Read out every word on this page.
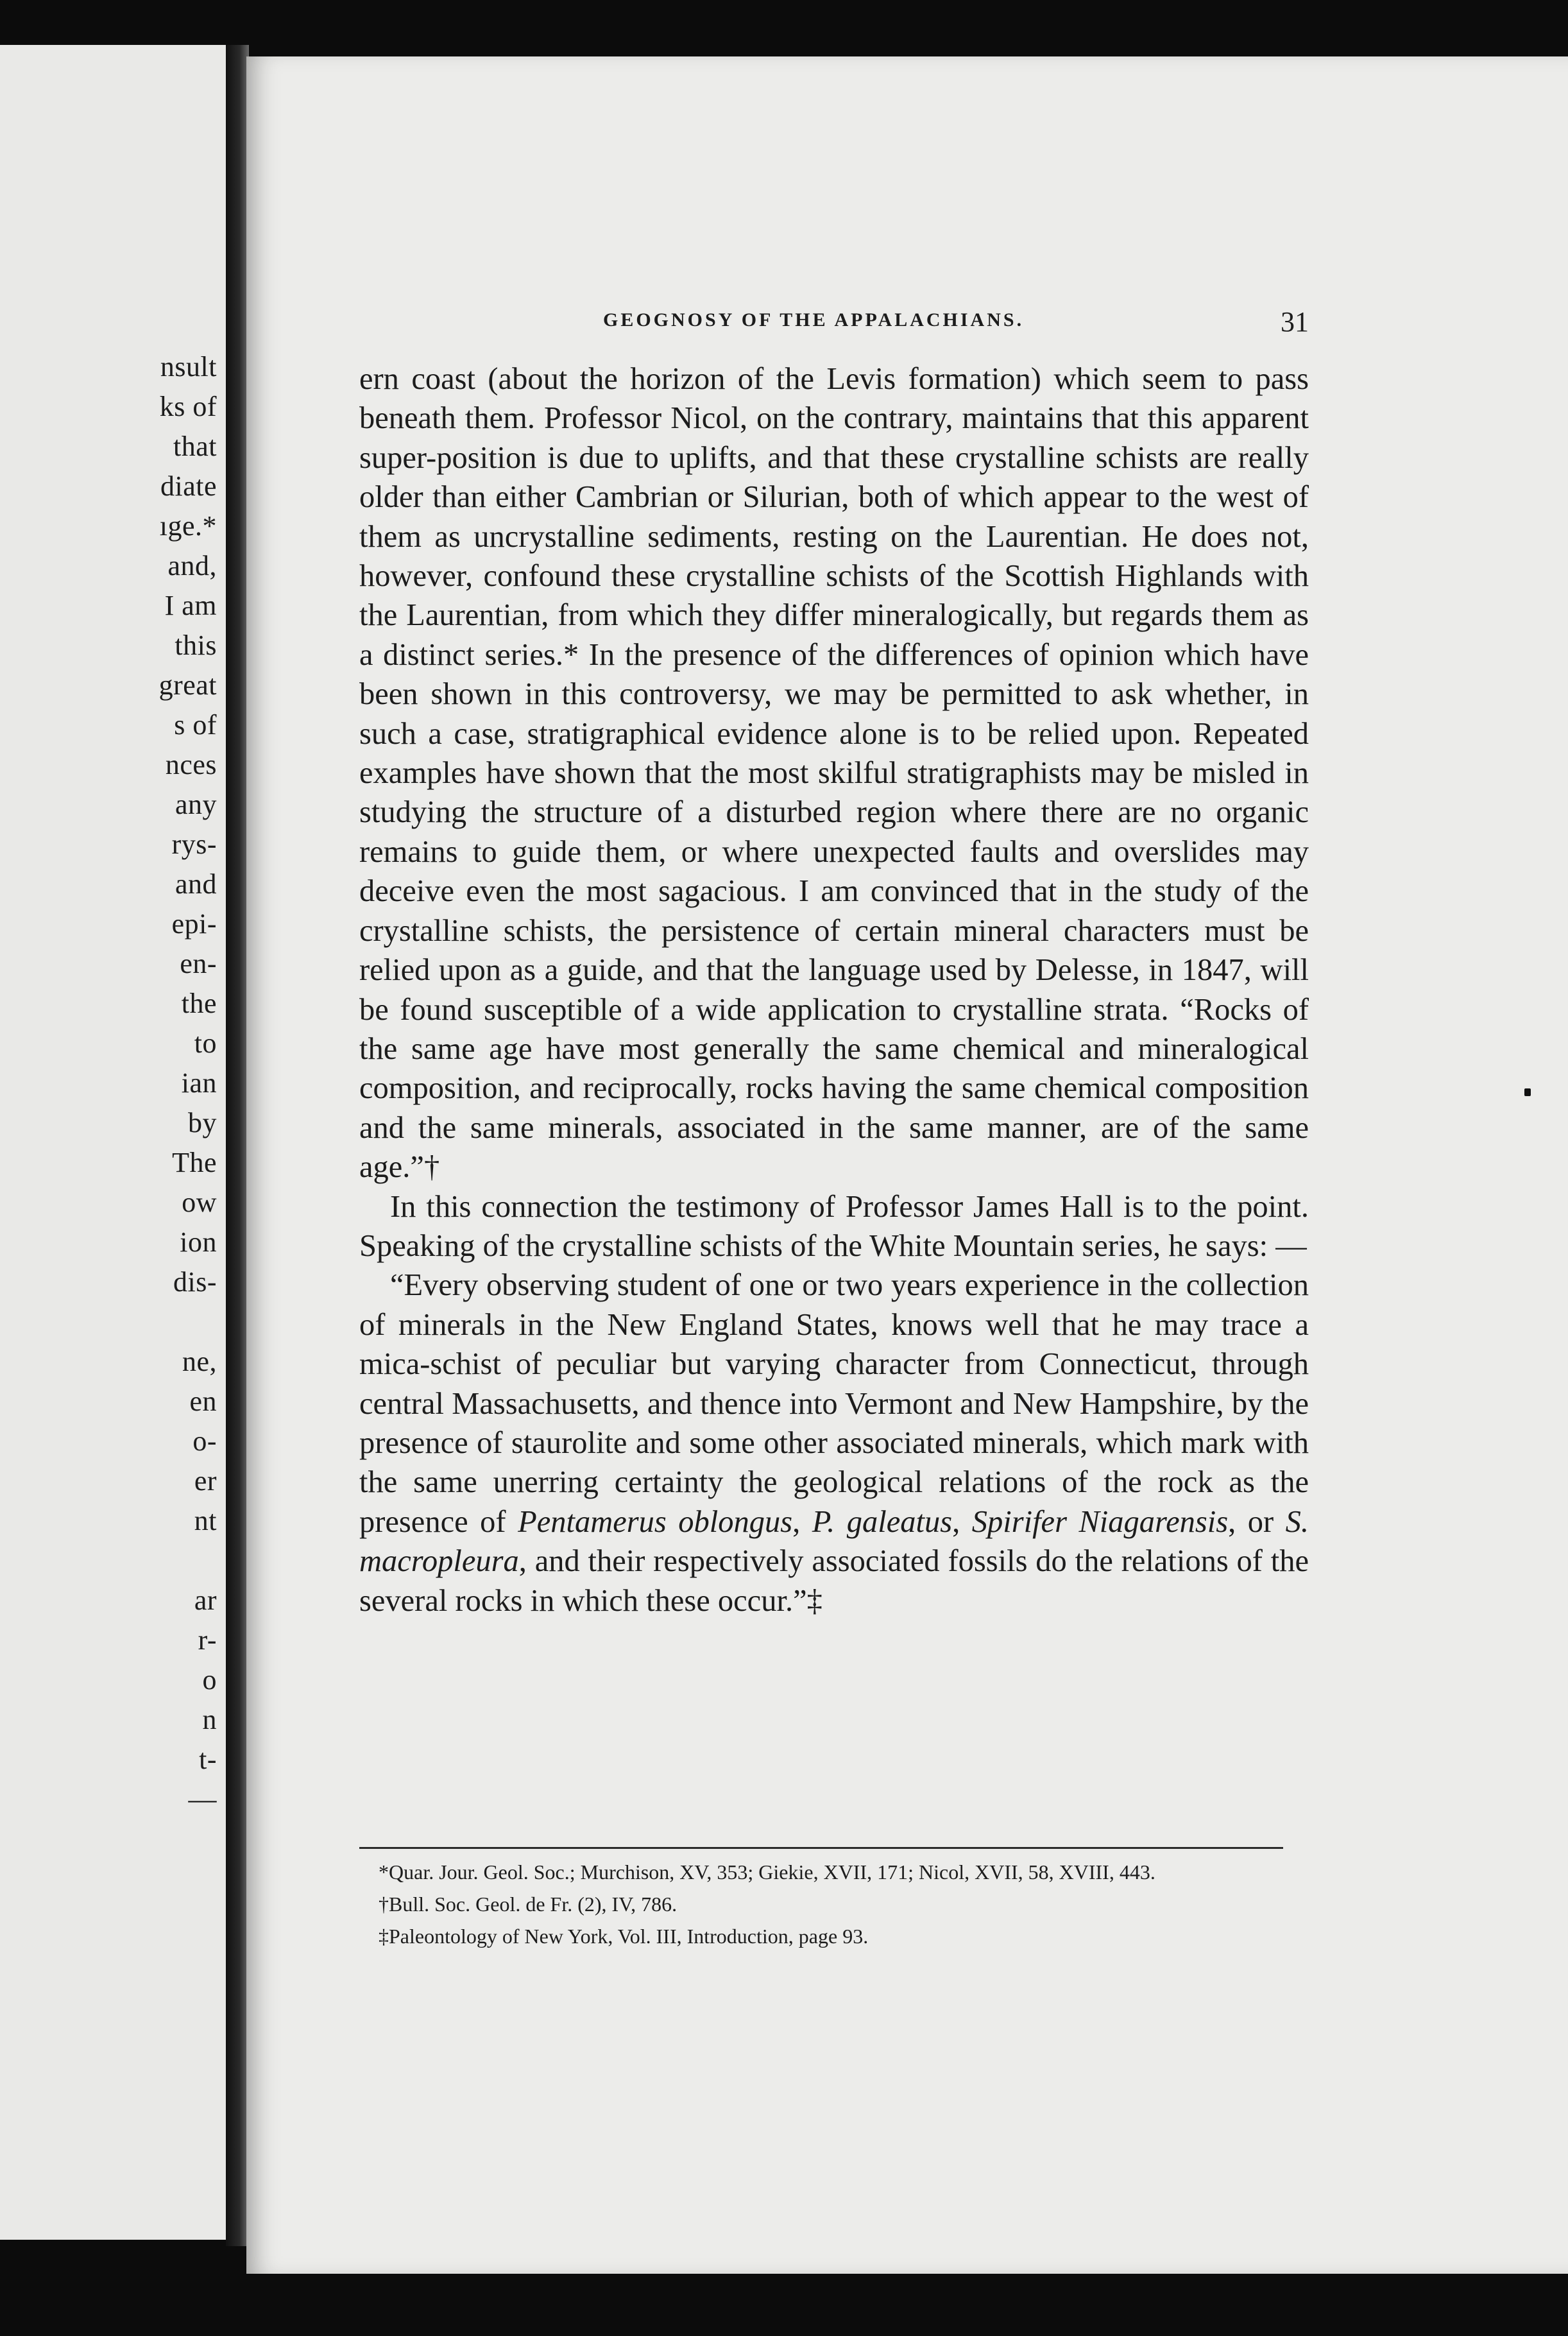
nsult
ks of
that
diate
ıge.*
and,
I am
this
great
s of
nces
any
rys-
and
epi-
en-
the
to
ian
by
The
ow
ion
dis-
ne,
en
o-
er
nt
ar
r-
o
n
t-
—
GEOGNOSY OF THE APPALACHIANS.	31

ern coast (about the horizon of the Levis formation) which seem to pass beneath them. Professor Nicol, on the contrary, maintains that this apparent super-position is due to uplifts, and that these crystalline schists are really older than either Cambrian or Silurian, both of which appear to the west of them as uncrystalline sediments, resting on the Laurentian. He does not, however, confound these crystalline schists of the Scottish Highlands with the Laurentian, from which they differ mineralogically, but regards them as a distinct series.* In the presence of the differences of opinion which have been shown in this controversy, we may be permitted to ask whether, in such a case, stratigraphical evidence alone is to be relied upon. Repeated examples have shown that the most skilful stratigraphists may be misled in studying the structure of a disturbed region where there are no organic remains to guide them, or where unexpected faults and overslides may deceive even the most sagacious. I am convinced that in the study of the crystalline schists, the persistence of certain mineral characters must be relied upon as a guide, and that the language used by Delesse, in 1847, will be found susceptible of a wide application to crystalline strata. “Rocks of the same age have most generally the same chemical and mineralogical composition, and reciprocally, rocks having the same chemical composition and the same minerals, associated in the same manner, are of the same age.”†

In this connection the testimony of Professor James Hall is to the point. Speaking of the crystalline schists of the White Mountain series, he says: —

“Every observing student of one or two years experience in the collection of minerals in the New England States, knows well that he may trace a mica-schist of peculiar but varying character from Connecticut, through central Massachusetts, and thence into Vermont and New Hampshire, by the presence of staurolite and some other associated minerals, which mark with the same unerring certainty the geological relations of the rock as the presence of Pentamerus oblongus, P. galeatus, Spirifer Niagarensis, or S. macropleura, and their respectively associated fossils do the relations of the several rocks in which these occur.”‡

*Quar. Jour. Geol. Soc.; Murchison, XV, 353; Giekie, XVII, 171; Nicol, XVII, 58, XVIII, 443.

†Bull. Soc. Geol. de Fr. (2), IV, 786.

‡Paleontology of New York, Vol. III, Introduction, page 93.
